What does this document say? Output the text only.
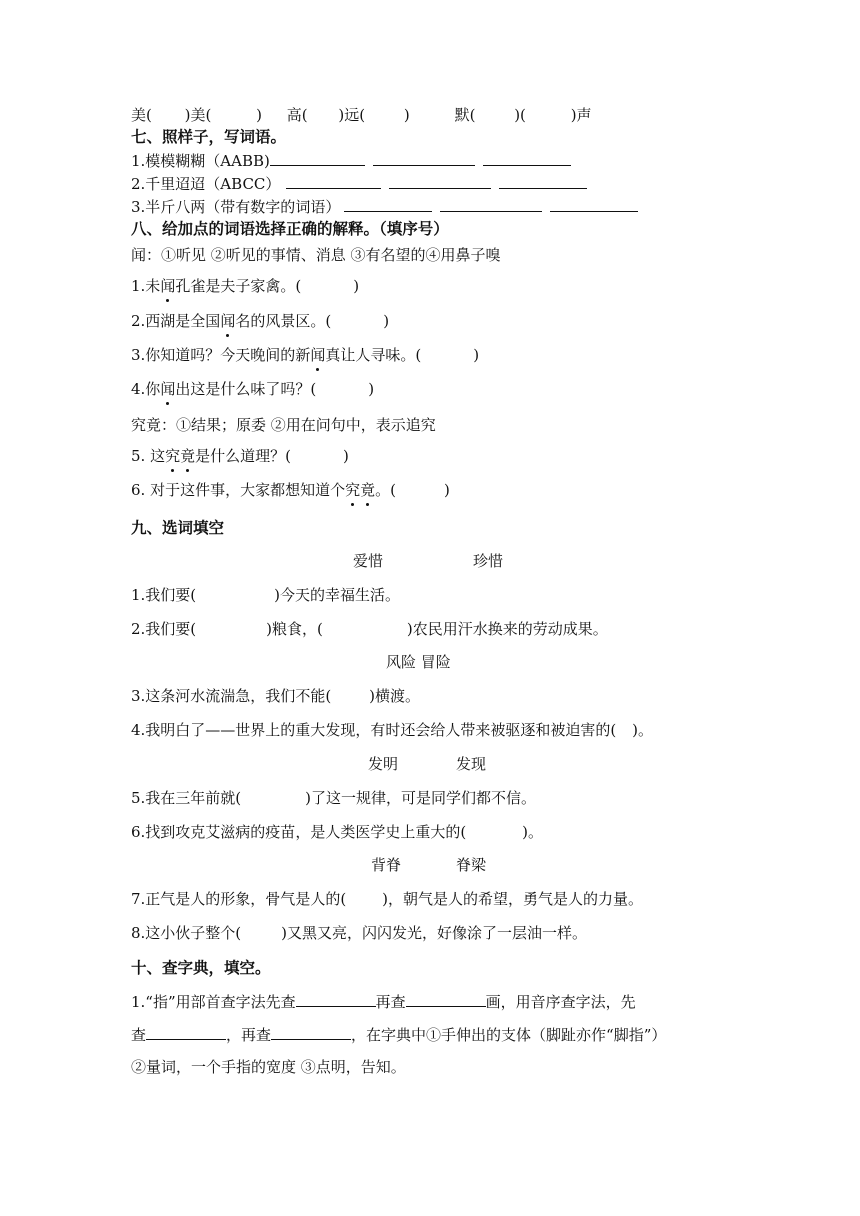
美( )美(	) 高( )远(	)	默(	)(	)声
七、照样子，写词语。
1.模模糊糊（AABB)
2.千里迢迢（ABCC）
3.半斤八两（带有数字的词语）
八、给加点的词语选择正确的解释。（填序号）
闻：①听见 ②听见的事情、消息 ③有名望的④用鼻子嗅
1.未闻孔雀是夫子家禽。(	)
2.西湖是全国闻名的风景区。(	)
3.你知道吗？今天晚间的新闻真让人寻味。(	)
4.你闻出这是什么味了吗？(	)
究竟：①结果；原委 ②用在问句中，表示追究
5. 这究竟是什么道理？(	)
6. 对于这件事，大家都想知道个究竟。(	)
九、选词填空
爱惜	珍惜
1.我们要(	)今天的幸福生活。
2.我们要(	)粮食，(	)农民用汗水换来的劳动成果。
风险 冒险
3.这条河水流湍急，我们不能(	)横渡。
4.我明白了——世界上的重大发现，有时还会给人带来被驱逐和被迫害的( )。
发明	发现
5.我在三年前就(	)了这一规律，可是同学们都不信。
6.找到攻克艾滋病的疫苗，是人类医学史上重大的(	)。
背脊	脊梁
7.正气是人的形象，骨气是人的( )，朝气是人的希望，勇气是人的力量。
8.这小伙子整个(	)又黑又亮，闪闪发光，好像涂了一层油一样。
十、查字典，填空。
1.“指”用部首查字法先查	再查	画，用音序查字法，先
查	，再查	，在字典中①手伸出的支体（脚趾亦作“脚指”）
②量词，一个手指的宽度 ③点明，告知。
